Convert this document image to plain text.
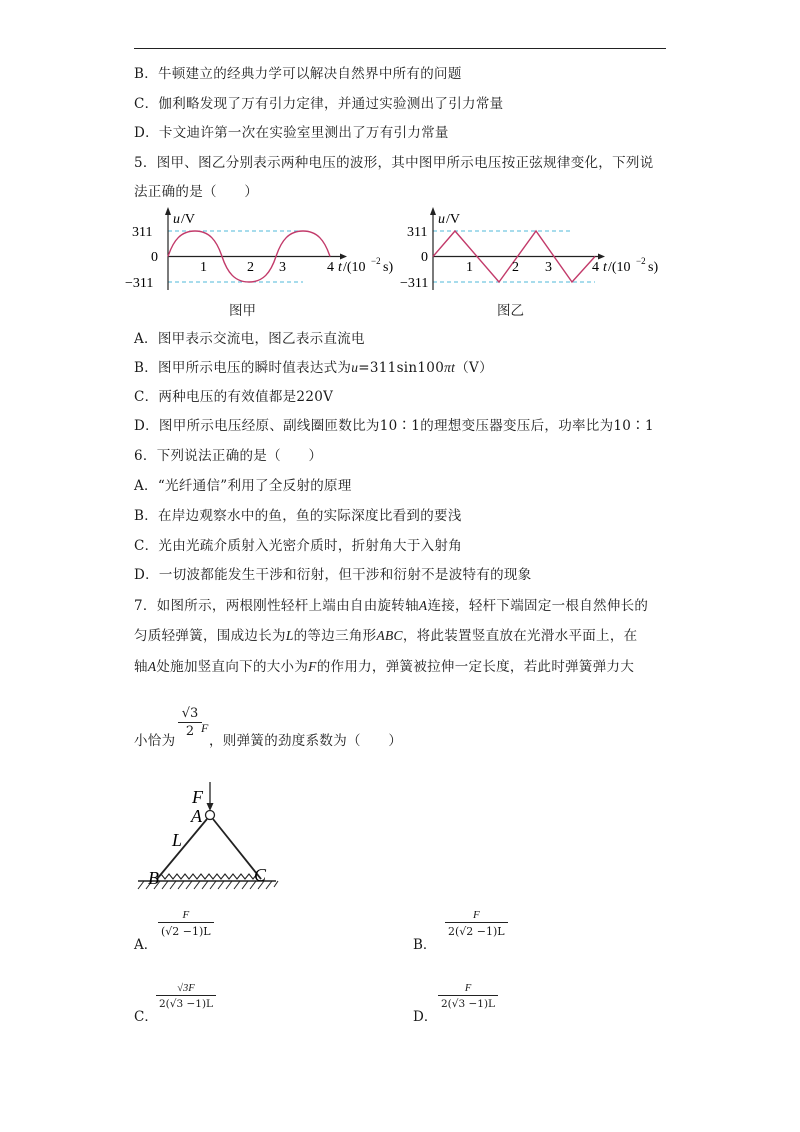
B．牛顿建立的经典力学可以解决自然界中所有的问题
C．伽利略发现了万有引力定律，并通过实验测出了引力常量
D．卡文迪许第一次在实验室里测出了万有引力常量
5．图甲、图乙分别表示两种电压的波形，其中图甲所示电压按正弦规律变化，下列说
法正确的是（　　）
u /V
311
0
−311
1	2 3	4 t /(10 −2 s)
图甲
u /V
311
0
−311
1	2 3	4 t /(10 −2 s)
图乙
A．图甲表示交流电，图乙表示直流电
B．图甲所示电压的瞬时值表达式为u=311sin100πt（V）
C．两种电压的有效值都是220V
D．图甲所示电压经原、副线圈匝数比为10∶1的理想变压器变压后，功率比为10∶1
6．下列说法正确的是（　　）
A．“光纤通信”利用了全反射的原理
B．在岸边观察水中的鱼，鱼的实际深度比看到的要浅
C．光由光疏介质射入光密介质时，折射角大于入射角
D．一切波都能发生干涉和衍射，但干涉和衍射不是波特有的现象
7．如图所示，两根刚性轻杆上端由自由旋转轴A连接，轻杆下端固定一根自然伸长的
匀质轻弹簧，围成边长为L的等边三角形ABC，将此装置竖直放在光滑水平面上，在
轴A处施加竖直向下的大小为F的作用力，弹簧被拉伸一定长度，若此时弹簧弹力大
小恰为
$\frac{√3}{2}$ F
，则弹簧的劲度系数为（　　）
F
A
L
B	C
A．
$\frac{F}{(√2 -1)L}$
B．
$\frac{F}{2(√2 -1)L}$
C．
$\frac{√3F}{2(√3 -1)L}$
D．
$\frac{F}{2(√3 -1)L}$
